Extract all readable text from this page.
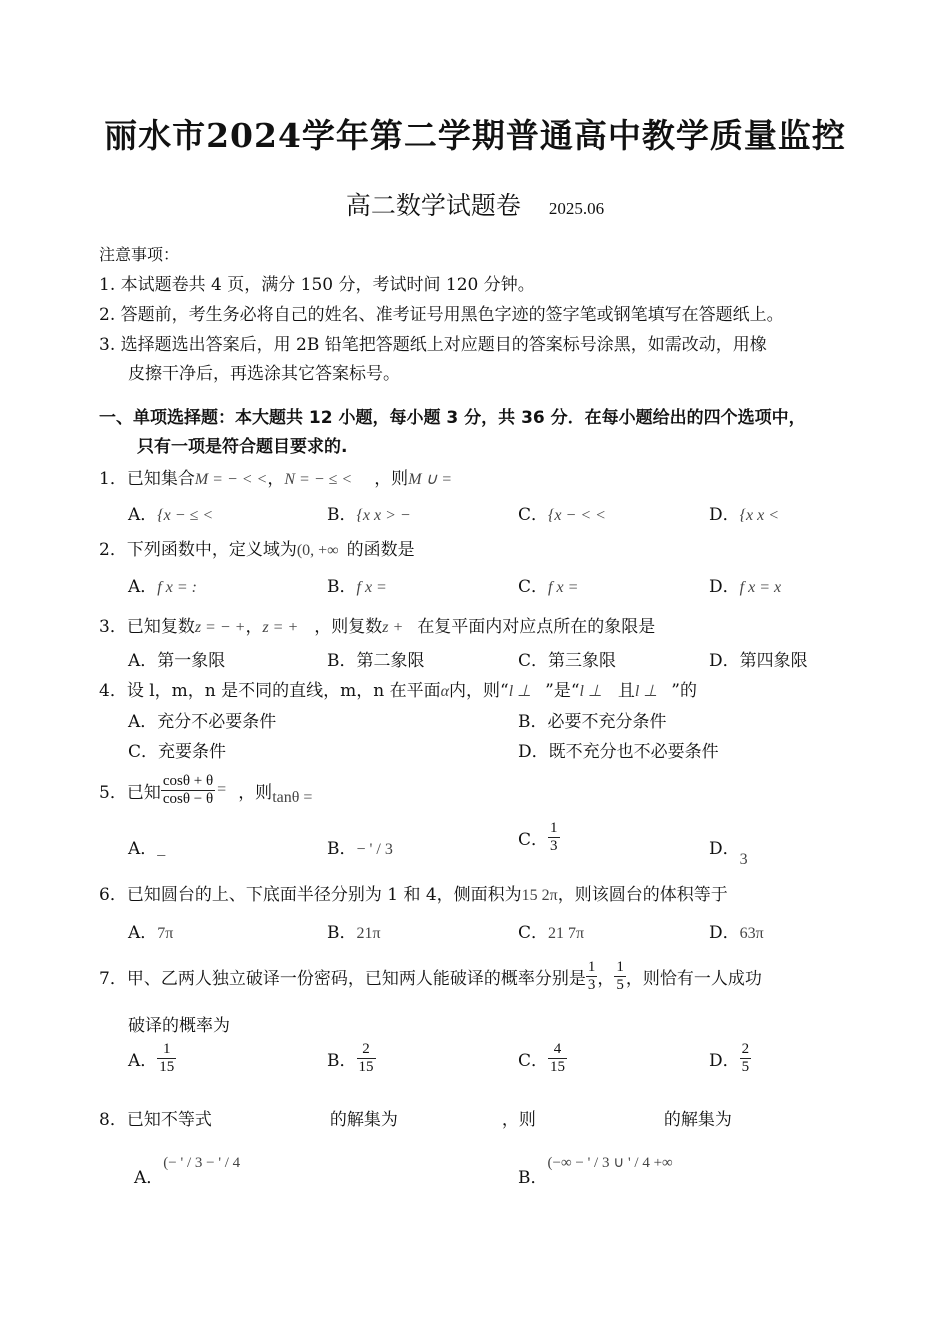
丽水市2024学年第二学期普通高中教学质量监控
高二数学试题卷 2025.06
注意事项：
1. 本试题卷共 4 页，满分 150 分，考试时间 120 分钟。
2. 答题前，考生务必将自己的姓名、准考证号用黑色字迹的签字笔或钢笔填写在答题纸上。
3. 选择题选出答案后，用 2B 铅笔把答题纸上对应题目的答案标号涂黑，如需改动，用橡
皮擦干净后，再选涂其它答案标号。
一、单项选择题：本大题共 12 小题，每小题 3 分，共 36 分．在每小题给出的四个选项中，
只有一项是符合题目要求的.
1．已知集合M = − < <，N = − ≤ < ，则M ∪ =
A．{x − ≤ <	B．{x x > −	C．{x − < <	D．{x x <
2．下列函数中，定义域为(0, +∞ 的函数是
A．f x = :	B．f x =	C．f x =	D．f x = x
3．已知复数z = − +，z = + ，则复数z + 在复平面内对应点所在的象限是
A．第一象限	B．第二象限	C．第三象限	D．第四象限
4．设 l，m，n 是不同的直线，m，n 在平面α内，则“l ⊥ ”是“l ⊥ 且l ⊥ ”的
A．充分不必要条件	B．必要不充分条件
C．充要条件	D．既不充分也不必要条件
5． 已知 $\frac{\cos\theta + \theta}{\cos\theta - \theta}$ = ，则 tanθ =
A．_	B．− ' / 3	C． $\frac{1}{3}$	D．3
6．已知圆台的上、下底面半径分别为 1 和 4，侧面积为15 2π，则该圆台的体积等于
A．7π	B．21π	C．21 7π	D．63π
7． 甲、乙两人独立破译一份密码，已知两人能破译的概率分别是 $\frac{1}{3}$ ， $\frac{1}{5}$ ，则恰有一人成功
破译的概率为
A． $\frac{1}{15}$	B． $\frac{2}{15}$	C． $\frac{4}{15}$	D． $\frac{2}{5}$
8．已知不等式	的解集为	，则	的解集为
A．(− ' / 3 − ' / 4
B．(−∞ − ' / 3 ∪ ' / 4 +∞
